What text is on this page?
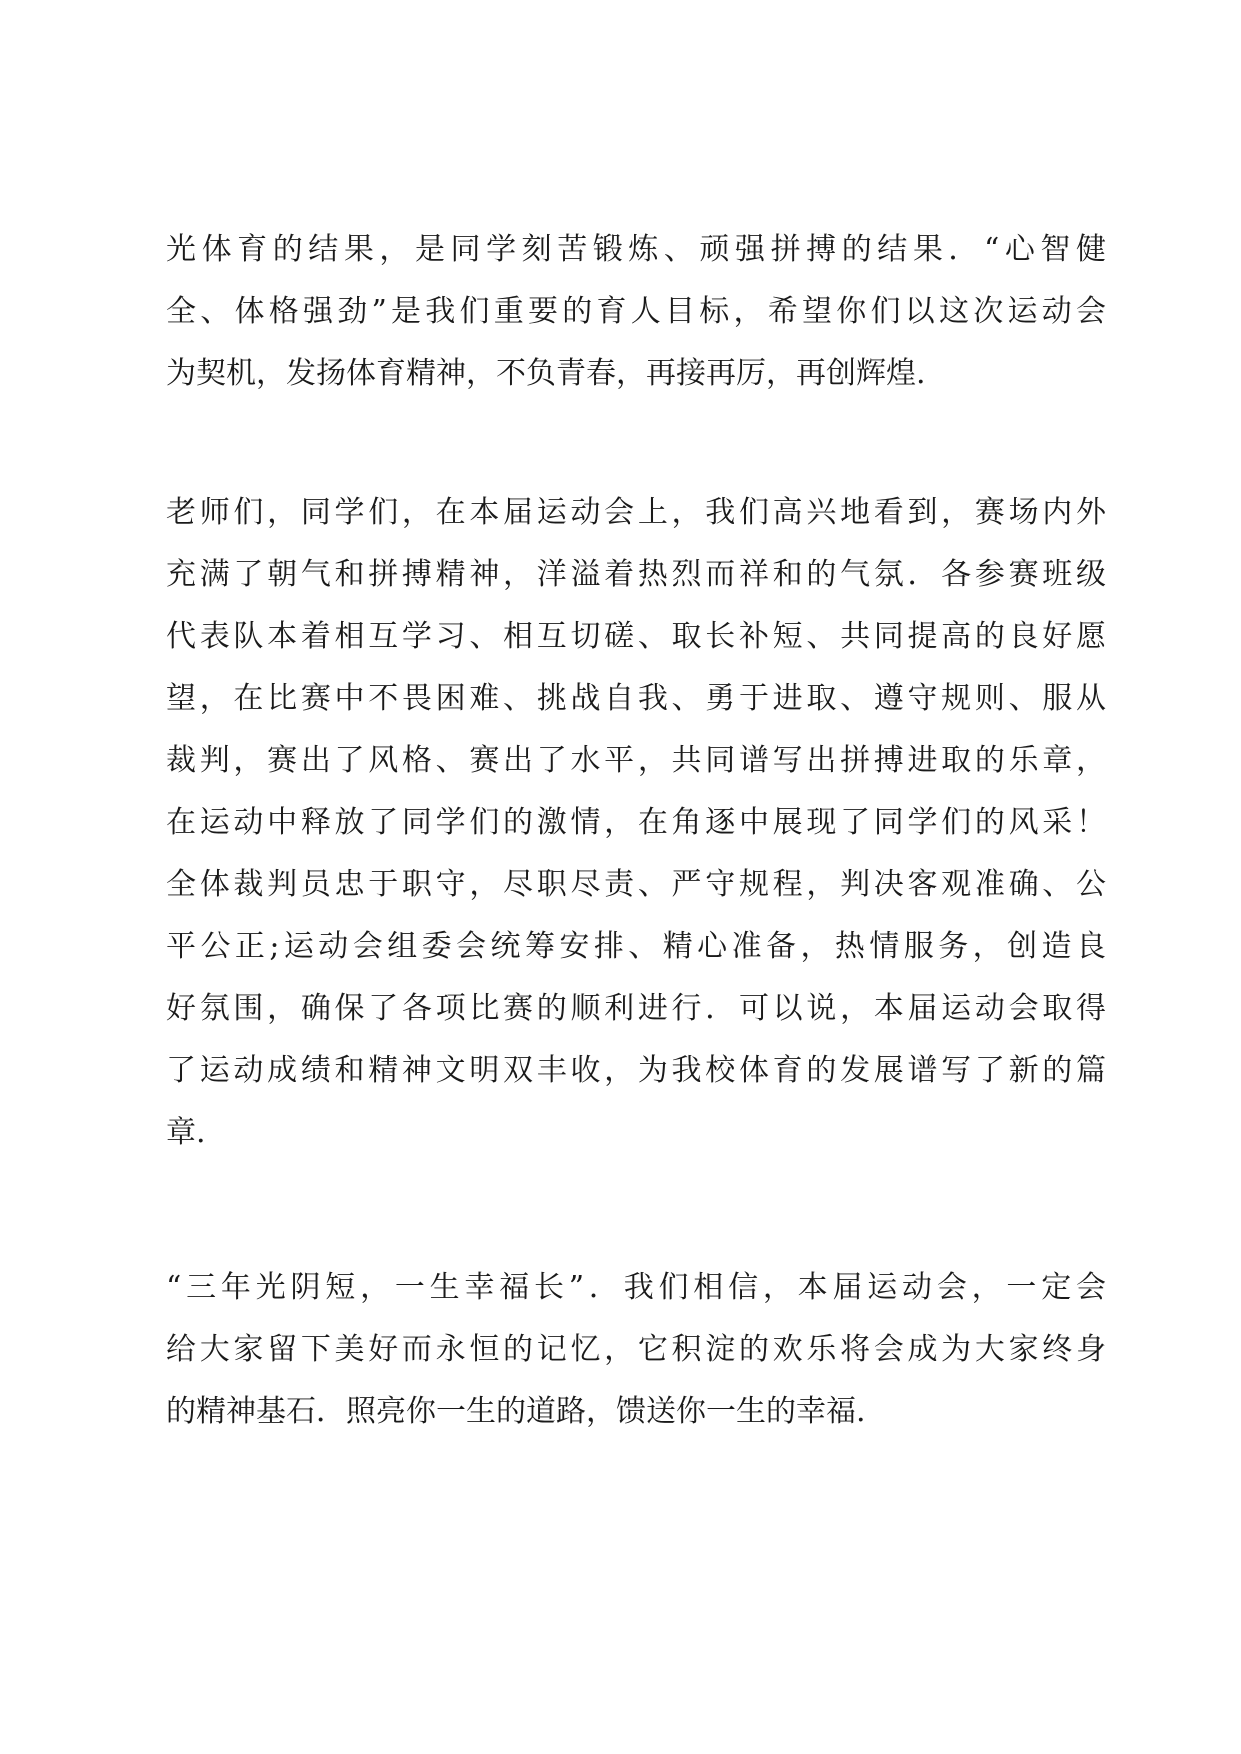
光体育的结果，是同学刻苦锻炼、顽强拼搏的结果．“心智健
全、体格强劲”是我们重要的育人目标，希望你们以这次运动会
为契机，发扬体育精神，不负青春，再接再厉，再创辉煌.
老师们，同学们，在本届运动会上，我们高兴地看到，赛场内外
充满了朝气和拼搏精神，洋溢着热烈而祥和的气氛．各参赛班级
代表队本着相互学习、相互切磋、取长补短、共同提高的良好愿
望，在比赛中不畏困难、挑战自我、勇于进取、遵守规则、服从
裁判，赛出了风格、赛出了水平，共同谱写出拼搏进取的乐章，
在运动中释放了同学们的激情，在角逐中展现了同学们的风采！
全体裁判员忠于职守，尽职尽责、严守规程，判决客观准确、公
平公正;运动会组委会统筹安排、精心准备，热情服务，创造良
好氛围，确保了各项比赛的顺利进行．可以说，本届运动会取得
了运动成绩和精神文明双丰收，为我校体育的发展谱写了新的篇
章.
“三年光阴短，一生幸福长”．我们相信，本届运动会，一定会
给大家留下美好而永恒的记忆，它积淀的欢乐将会成为大家终身
的精神基石．照亮你一生的道路，馈送你一生的幸福.
